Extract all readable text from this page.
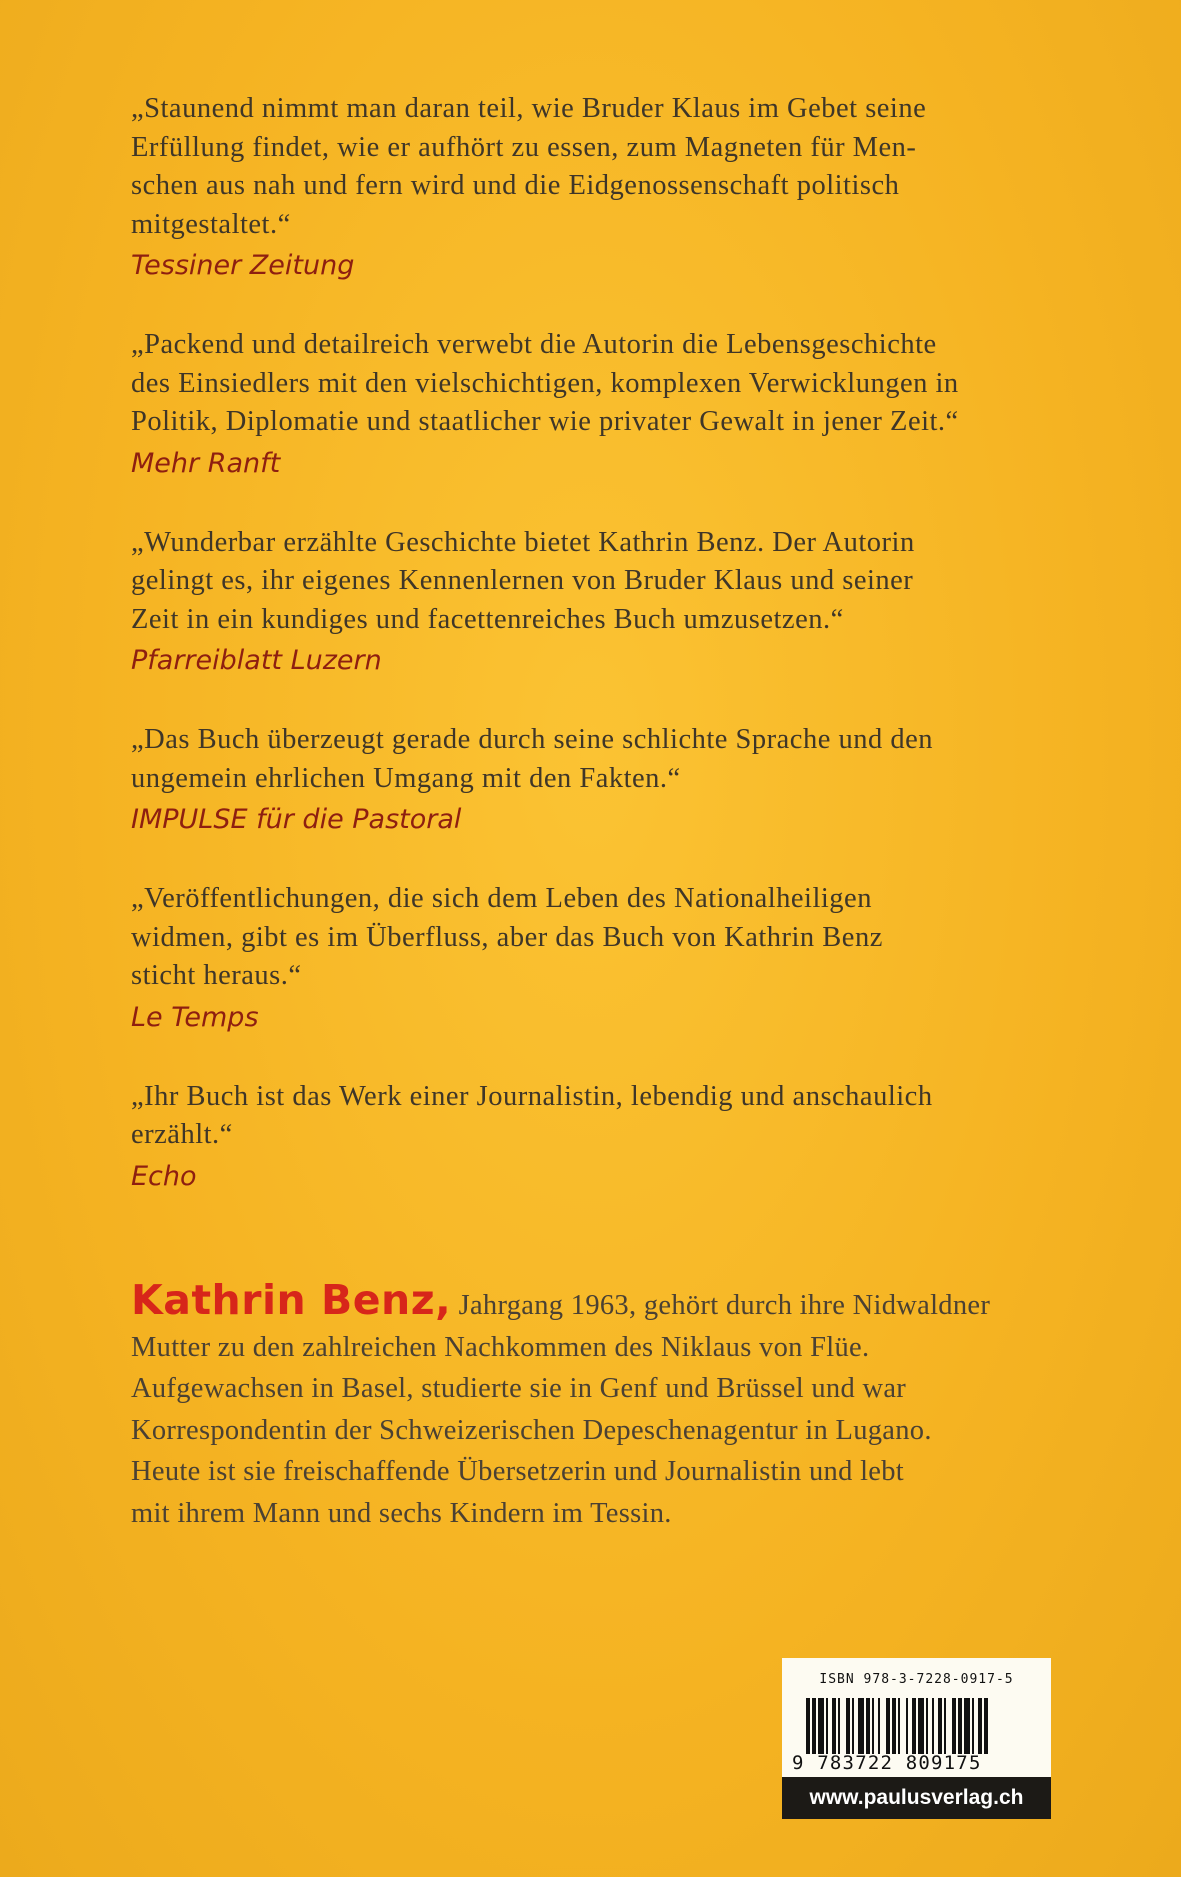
„Staunend nimmt man daran teil, wie Bruder Klaus im Gebet seine
Erfüllung findet, wie er aufhört zu essen, zum Magneten für Men-
schen aus nah und fern wird und die Eidgenossenschaft politisch
mitgestaltet.“

Tessiner Zeitung

„Packend und detailreich verwebt die Autorin die Lebensgeschichte
des Einsiedlers mit den vielschichtigen, komplexen Verwicklungen in
Politik, Diplomatie und staatlicher wie privater Gewalt in jener Zeit.“

Mehr Ranft

„Wunderbar erzählte Geschichte bietet Kathrin Benz. Der Autorin
gelingt es, ihr eigenes Kennenlernen von Bruder Klaus und seiner
Zeit in ein kundiges und facettenreiches Buch umzusetzen.“

Pfarreiblatt Luzern

„Das Buch überzeugt gerade durch seine schlichte Sprache und den
ungemein ehrlichen Umgang mit den Fakten.“

IMPULSE für die Pastoral

„Veröffentlichungen, die sich dem Leben des Nationalheiligen
widmen, gibt es im Überfluss, aber das Buch von Kathrin Benz
sticht heraus.“

Le Temps

„Ihr Buch ist das Werk einer Journalistin, lebendig und anschaulich
erzählt.“

Echo

Kathrin Benz, Jahrgang 1963, gehört durch ihre Nidwaldner
Mutter zu den zahlreichen Nachkommen des Niklaus von Flüe.
Aufgewachsen in Basel, studierte sie in Genf und Brüssel und war
Korrespondentin der Schweizerischen Depeschenagentur in Lugano.
Heute ist sie freischaffende Übersetzerin und Journalistin und lebt
mit ihrem Mann und sechs Kindern im Tessin.

ISBN 978-3-7228-0917-5
9 783722 809175
www.paulusverlag.ch
